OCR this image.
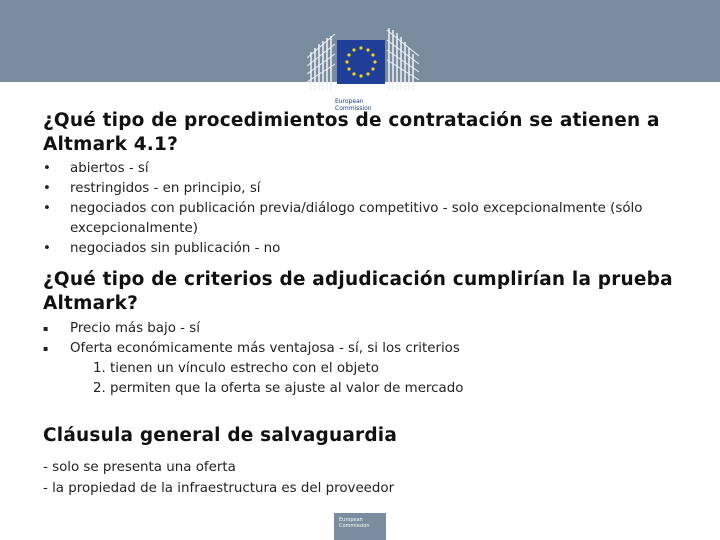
European
Commission
¿Qué tipo de procedimientos de contratación se atienen a Altmark 4.1?
• abiertos - sí
• restringidos - en principio, sí
• negociados con publicación previa/diálogo competitivo - solo excepcionalmente (sólo excepcionalmente)
• negociados sin publicación - no
¿Qué tipo de criterios de adjudicación cumplirían la prueba Altmark?
▪ Precio más bajo - sí
▪ Oferta económicamente más ventajosa - sí, si los criterios
1. tienen un vínculo estrecho con el objeto
2. permiten que la oferta se ajuste al valor de mercado
Cláusula general de salvaguardia
- solo se presenta una oferta
- la propiedad de la infraestructura es del proveedor
European Commission
